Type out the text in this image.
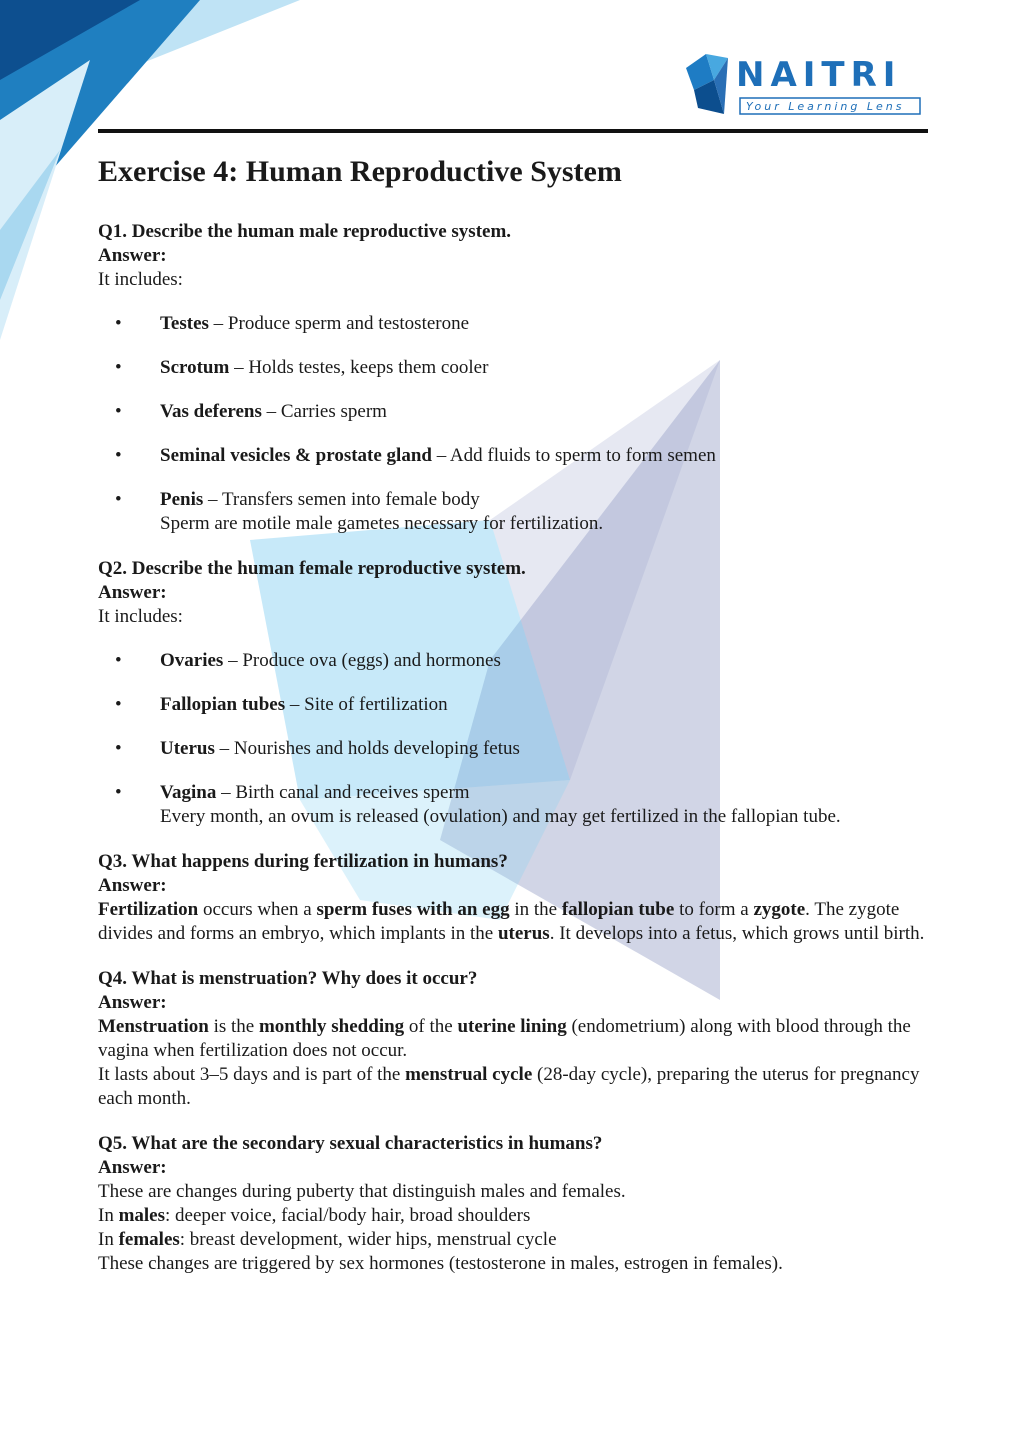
NAITRI
Your Learning Lens
Exercise 4: Human Reproductive System

Q1. Describe the human male reproductive system.

Answer:

It includes:

• Testes – Produce sperm and testosterone
• Scrotum – Holds testes, keeps them cooler
• Vas deferens – Carries sperm
• Seminal vesicles & prostate gland – Add fluids to sperm to form semen
• Penis – Transfers semen into female body
Sperm are motile male gametes necessary for fertilization.

Q2. Describe the human female reproductive system.

Answer:

It includes:

• Ovaries – Produce ova (eggs) and hormones
• Fallopian tubes – Site of fertilization
• Uterus – Nourishes and holds developing fetus
• Vagina – Birth canal and receives sperm
Every month, an ovum is released (ovulation) and may get fertilized in the fallopian tube.

Q3. What happens during fertilization in humans?

Answer:

Fertilization occurs when a sperm fuses with an egg in the fallopian tube to form a zygote. The zygote divides and forms an embryo, which implants in the uterus. It develops into a fetus, which grows until birth.

Q4. What is menstruation? Why does it occur?

Answer:

Menstruation is the monthly shedding of the uterine lining (endometrium) along with blood through the vagina when fertilization does not occur.

It lasts about 3–5 days and is part of the menstrual cycle (28-day cycle), preparing the uterus for pregnancy each month.

Q5. What are the secondary sexual characteristics in humans?

Answer:

These are changes during puberty that distinguish males and females.

In males: deeper voice, facial/body hair, broad shoulders

In females: breast development, wider hips, menstrual cycle

These changes are triggered by sex hormones (testosterone in males, estrogen in females).
